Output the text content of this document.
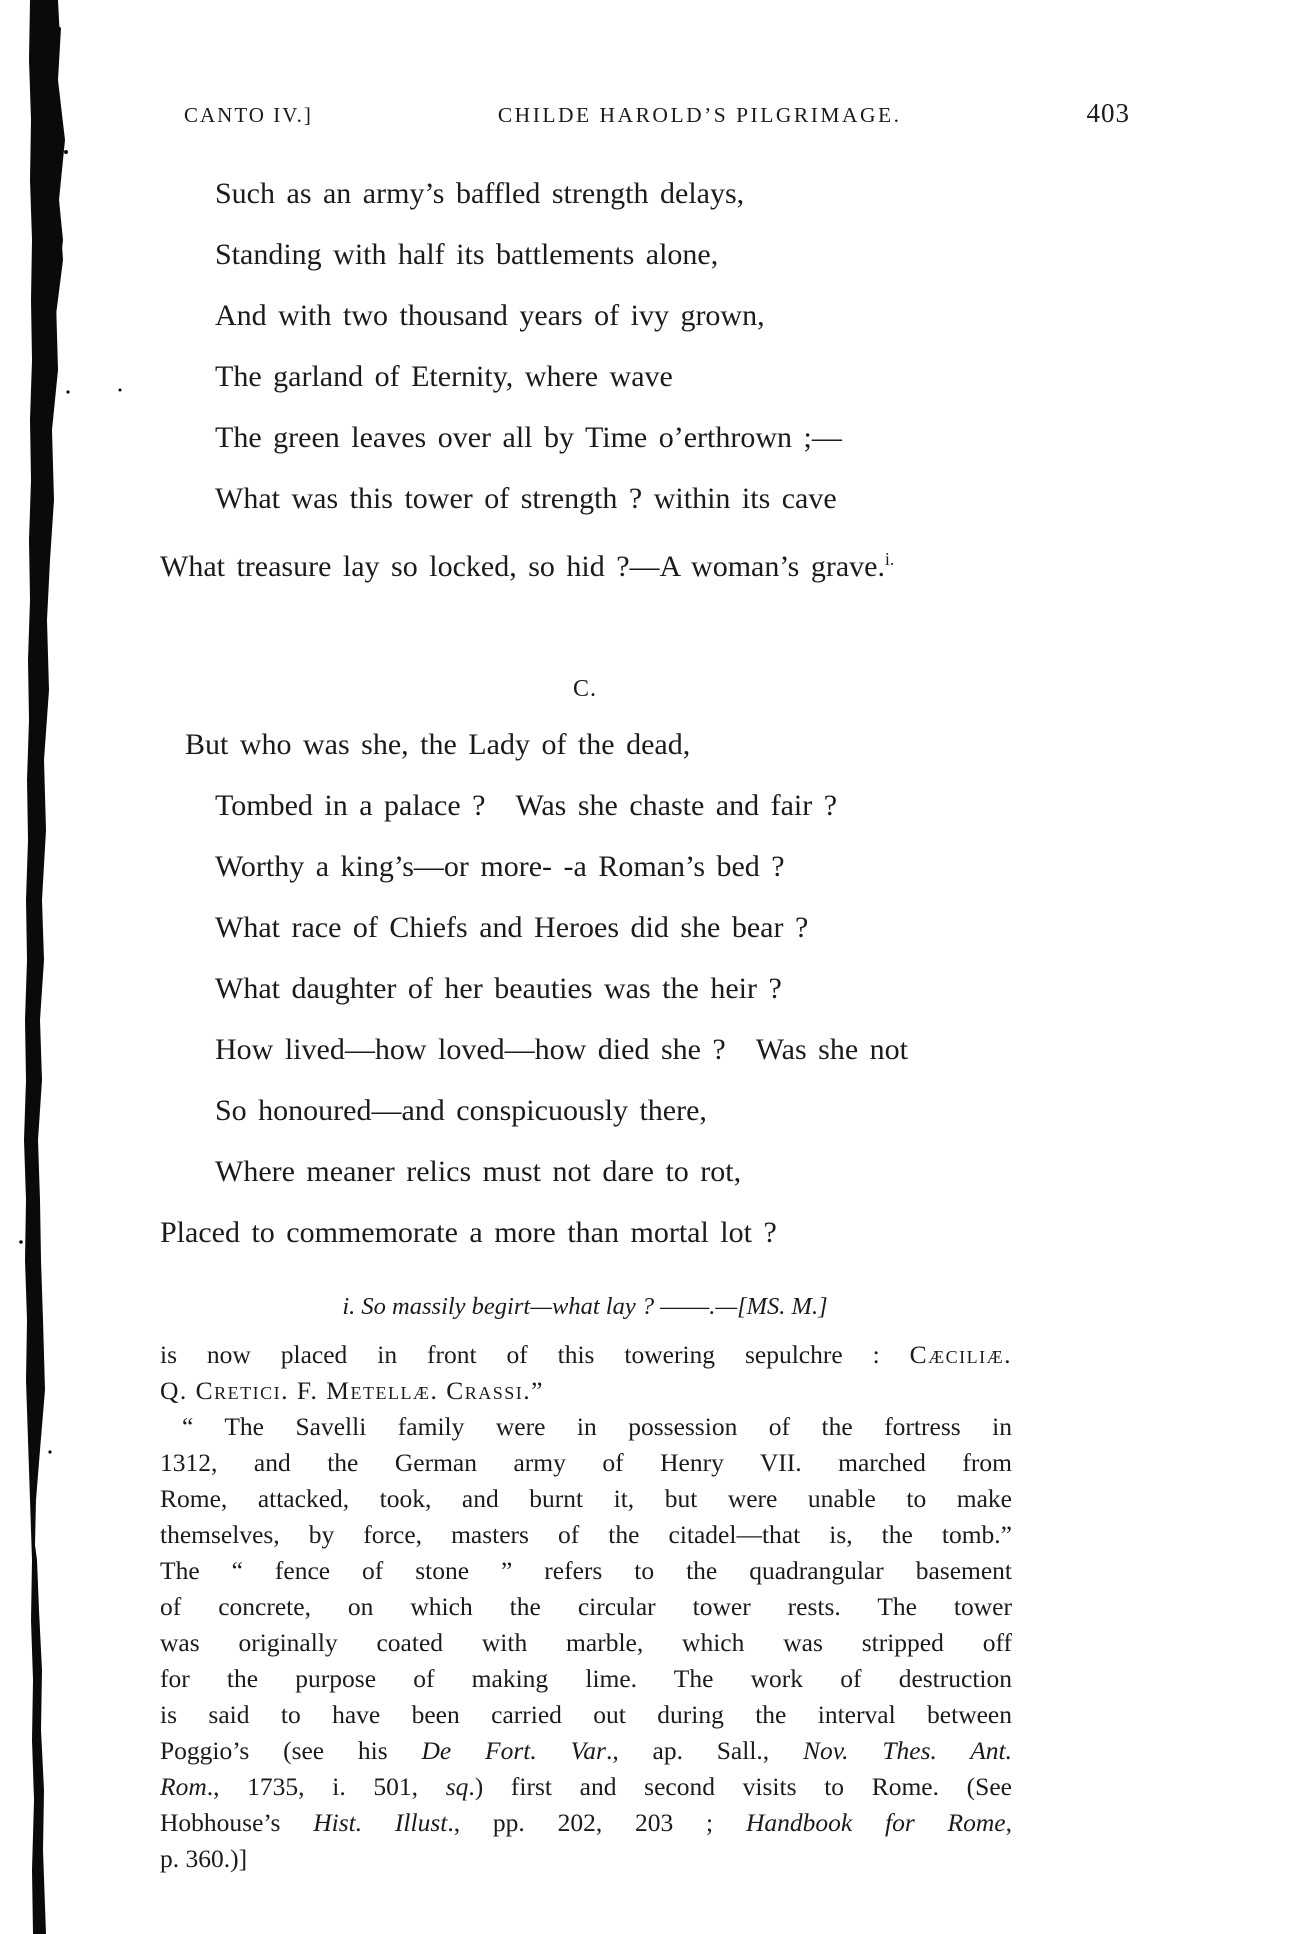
CANTO IV.]	CHILDE HAROLD’S PILGRIMAGE.	403
Such as an army’s baffled strength delays,
Standing with half its battlements alone,
And with two thousand years of ivy grown,
The garland of Eternity, where wave
The green leaves over all by Time o’erthrown ;—
What was this tower of strength ? within its cave
What treasure lay so locked, so hid ?—A woman’s grave.$^{i.}$
C.
But who was she, the Lady of the dead,
Tombed in a palace ?  Was she chaste and fair ?
Worthy a king’s—or more- -a Roman’s bed ?
What race of Chiefs and Heroes did she bear ?
What daughter of her beauties was the heir ?
How lived—how loved—how died she ?  Was she not
So honoured—and conspicuously there,
Where meaner relics must not dare to rot,
Placed to commemorate a more than mortal lot ?
i. So massily begirt—what lay ? ——.—[MS. M.]
is now placed in front of this towering sepulchre : Cæciliæ.
Q. Cretici. F. Metellæ. Crassi.”
“ The Savelli family were in possession of the fortress in
1312, and the German army of Henry VII. marched from
Rome, attacked, took, and burnt it, but were unable to make
themselves, by force, masters of the citadel—that is, the tomb.”
The “ fence of stone ” refers to the quadrangular basement
of concrete, on which the circular tower rests. The tower
was originally coated with marble, which was stripped off
for the purpose of making lime. The work of destruction
is said to have been carried out during the interval between
Poggio’s (see his De Fort. Var., ap. Sall., Nov. Thes. Ant.
Rom., 1735, i. 501, sq.) first and second visits to Rome. (See
Hobhouse’s Hist. Illust., pp. 202, 203 ; Handbook for Rome,
p. 360.)]
